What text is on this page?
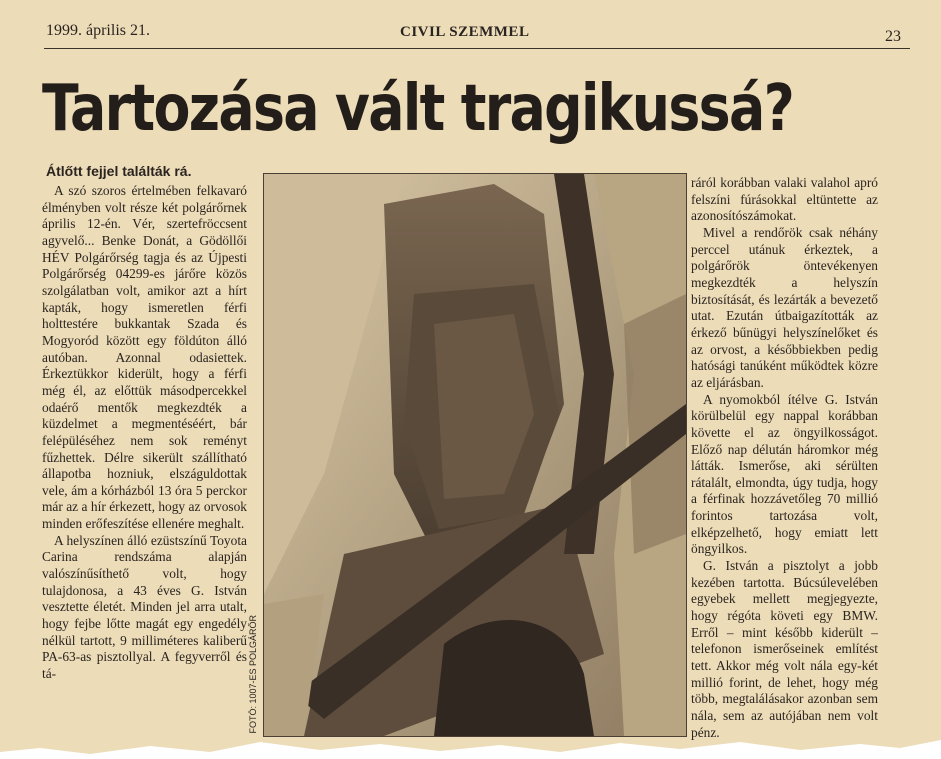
1999. április 21.	CIVIL SZEMMEL	23
Tartozása vált tragikussá?
Átlőtt fejjel találták rá.

A szó szoros értelmében felkavaró élményben volt része két polgárőrnek április 12-én. Vér, szertefröccsent agyvelő... Benke Donát, a Gödöllői HÉV Polgárőrség tagja és az Újpesti Polgárőrség 04299-es járőre közös szolgálatban volt, amikor azt a hírt kapták, hogy ismeretlen férfi holttestére bukkantak Szada és Mogyoród között egy földúton álló autóban. Azonnal odasiettek. Érkeztükkor kiderült, hogy a férfi még él, az előttük másodpercekkel odaérő mentők megkezdték a küzdelmet a megmentéséért, bár felépüléséhez nem sok reményt fűzhettek. Délre sikerült szállítható állapotba hozniuk, elszáguldottak vele, ám a kórházból 13 óra 5 perckor már az a hír érkezett, hogy az orvosok minden erőfeszítése ellenére meghalt.

A helyszínen álló ezüstszínű Toyota Carina rendszáma alapján valószínűsíthető volt, hogy tulajdonosa, a 43 éves G. István vesztette életét. Minden jel arra utalt, hogy fejbe lőtte magát egy engedély nélkül tartott, 9 milliméteres kaliberű PA-63-as pisztollyal. A fegyverről és tá-	FOTÓ: 1007-ES POLGÁRŐR

ráról korábban valaki valahol apró felszíni fúrásokkal eltüntette az azonosítószámokat.

Mivel a rendőrök csak néhány perccel utánuk érkeztek, a polgárőrök öntevékenyen megkezdték a helyszín biztosítását, és lezárták a bevezető utat. Ezután útbaigazították az érkező bűnügyi helyszínelőket és az orvost, a későbbiekben pedig hatósági tanúként működtek közre az eljárásban.

A nyomokból ítélve G. István körülbelül egy nappal korábban követte el az öngyilkosságot. Előző nap délután háromkor még látták. Ismerőse, aki sérülten rátalált, elmondta, úgy tudja, hogy a férfinak hozzávetőleg 70 millió forintos tartozása volt, elképzelhető, hogy emiatt lett öngyilkos.

G. István a pisztolyt a jobb kezében tartotta. Búcsúlevelében egyebek mellett megjegyezte, hogy régóta követi egy BMW. Erről – mint később kiderült – telefonon ismerőseinek említést tett. Akkor még volt nála egy-két millió forint, de lehet, hogy még több, megtalálásakor azonban sem nála, sem az autójában nem volt pénz.
